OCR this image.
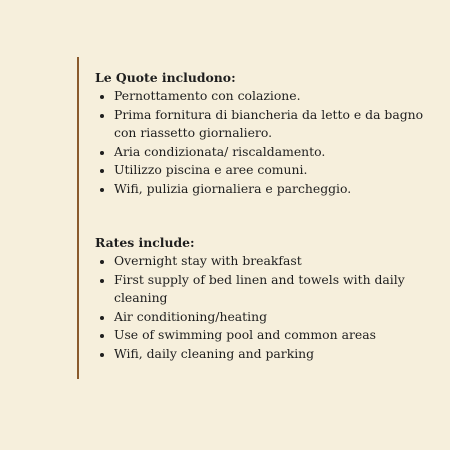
Le Quote includono:

Pernottamento con colazione.
Prima fornitura di biancheria da letto e da bagno con riassetto giornaliero.
Aria condizionata/ riscaldamento.
Utilizzo piscina e aree comuni.
Wifi, pulizia giornaliera e parcheggio.

Rates include:

Overnight stay with breakfast
First supply of bed linen and towels with daily cleaning
Air conditioning/heating
Use of swimming pool and common areas
Wifi, daily cleaning and parking
